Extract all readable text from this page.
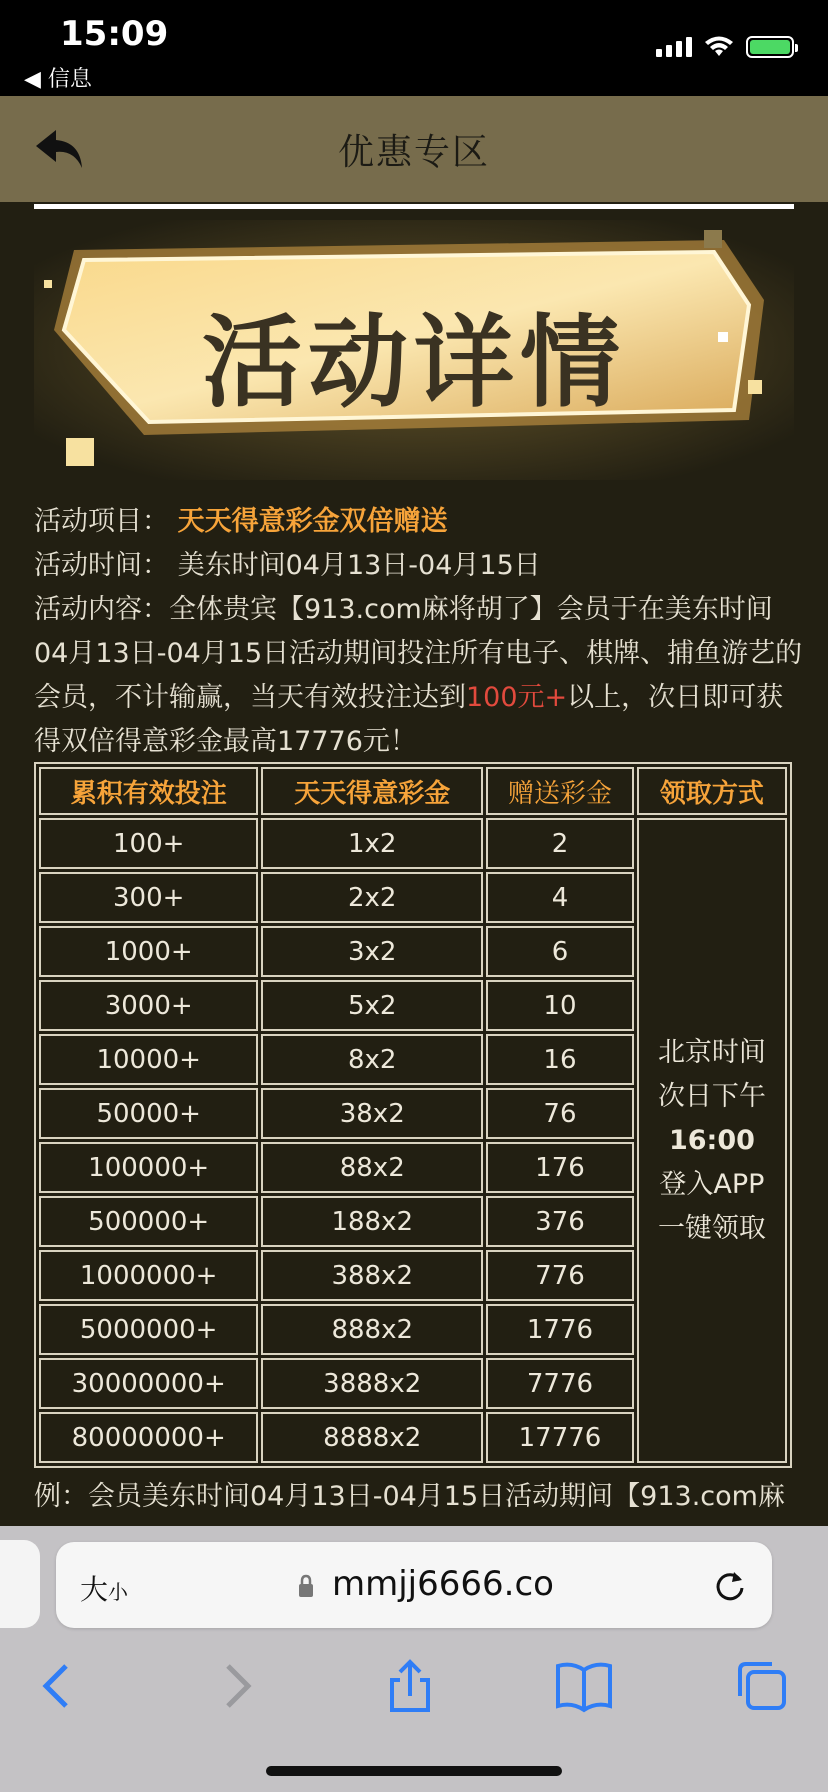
15:09
◀ 信息
优惠专区
活动详情
活动项目： 天天得意彩金双倍赠送
活动时间： 美东时间04月13日-04月15日
活动内容：全体贵宾【913.com麻将胡了】会员于在美东时间04月13日-04月15日活动期间投注所有电子、棋牌、捕鱼游艺的会员，不计输赢，当天有效投注达到100元+以上，次日即可获得双倍得意彩金最高17776元！
累积有效投注	天天得意彩金	赠送彩金	领取方式
100+	1x2	2	北京时间
次日下午
16:00
登入APP
一键领取

300+	2x2	4	
1000+	3x2	6	
3000+	5x2	10	
10000+	8x2	16	
50000+	38x2	76	
100000+	88x2	176	
500000+	188x2	376	
1000000+	388x2	776	
5000000+	888x2	1776	
30000000+	3888x2	7776	
80000000+	8888x2	17776	
例：会员美东时间04月13日-04月15日活动期间【913.com麻
大小	mmjj6666.co
